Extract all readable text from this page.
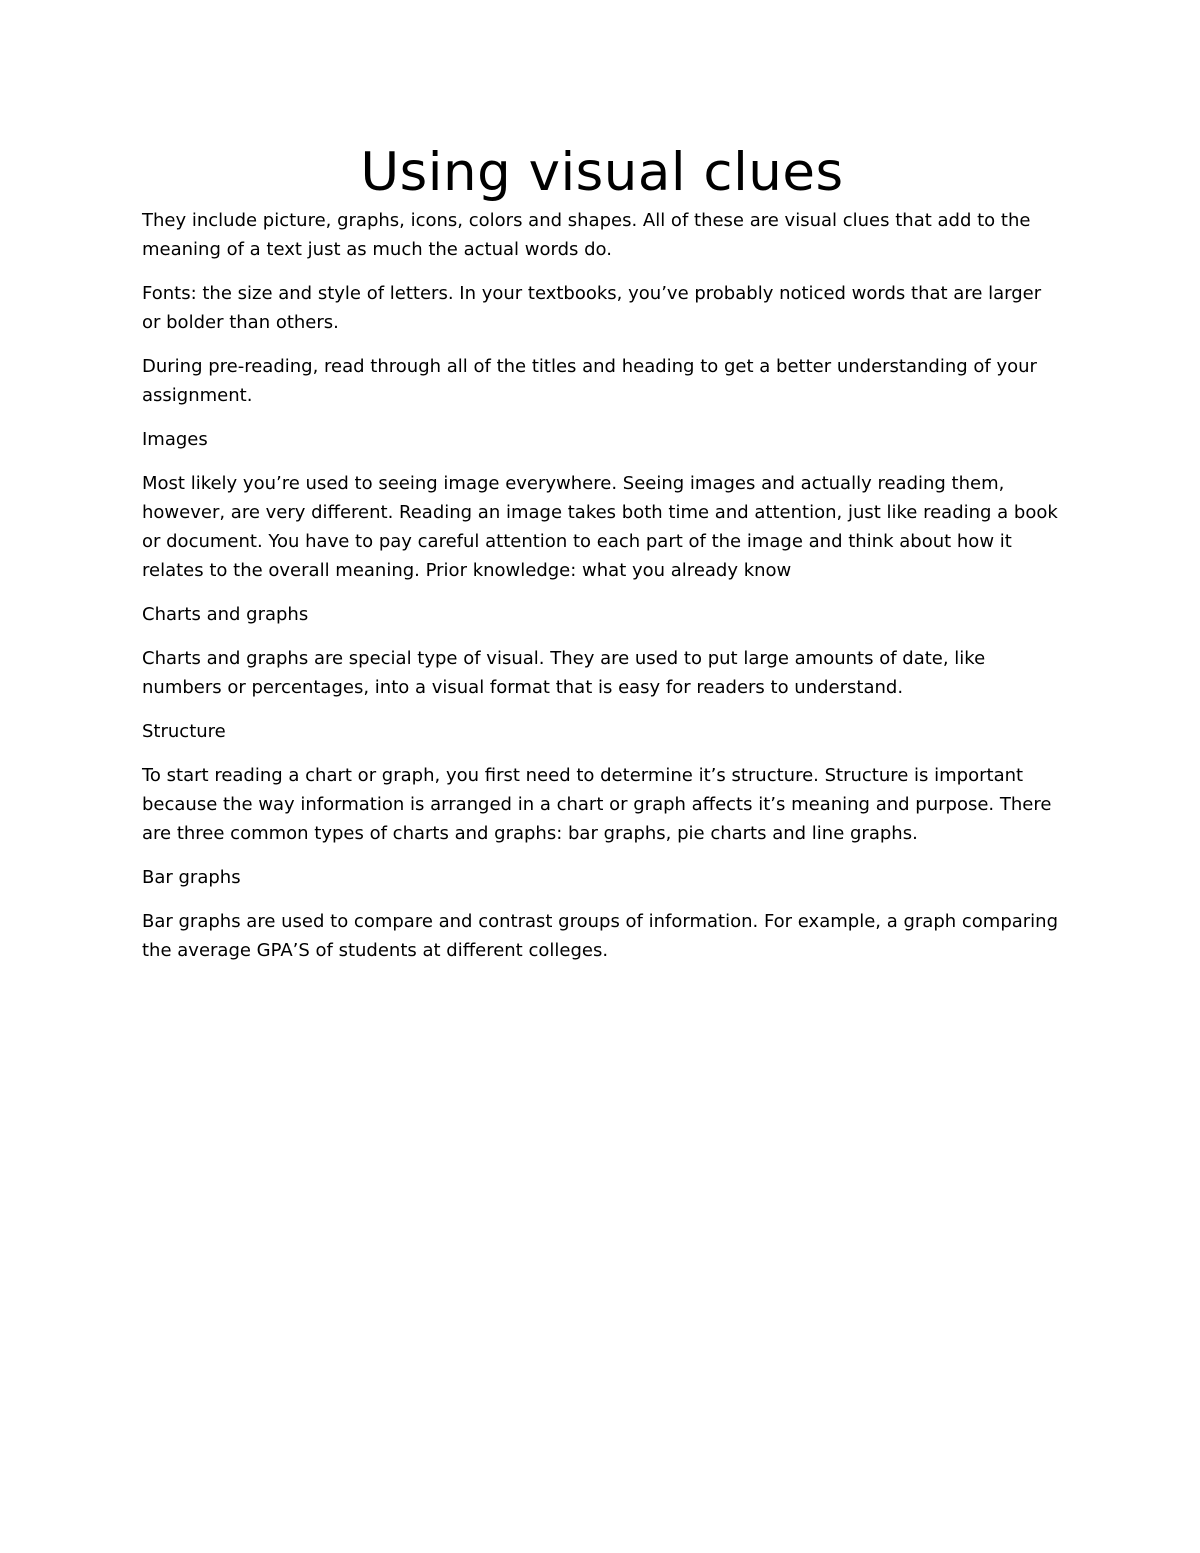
Using visual clues

They include picture, graphs, icons, colors and shapes. All of these are visual clues that add to the meaning of a text just as much the actual words do.

Fonts: the size and style of letters. In your textbooks, you’ve probably noticed words that are larger or bolder than others.

During pre-reading, read through all of the titles and heading to get a better understanding of your assignment.

Images

Most likely you’re used to seeing image everywhere. Seeing images and actually reading them, however, are very different. Reading an image takes both time and attention, just like reading a book or document. You have to pay careful attention to each part of the image and think about how it relates to the overall meaning. Prior knowledge: what you already know

Charts and graphs

Charts and graphs are special type of visual. They are used to put large amounts of date, like numbers or percentages, into a visual format that is easy for readers to understand.

Structure

To start reading a chart or graph, you first need to determine it’s structure. Structure is important because the way information is arranged in a chart or graph affects it’s meaning and purpose. There are three common types of charts and graphs: bar graphs, pie charts and line graphs.

Bar graphs

Bar graphs are used to compare and contrast groups of information. For example, a graph comparing the average GPA’S of students at different colleges.
